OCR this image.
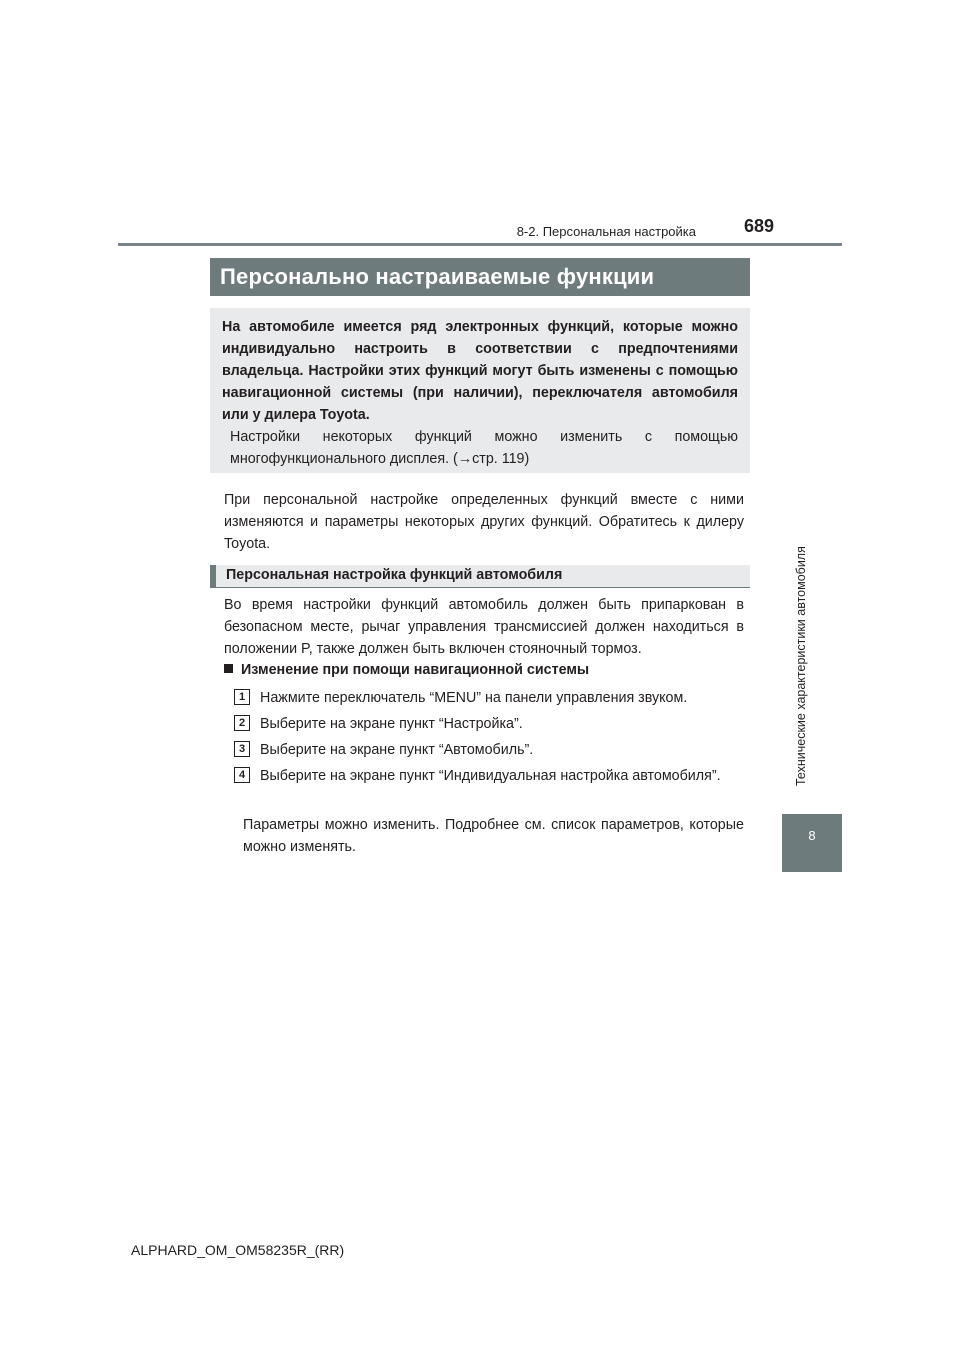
8-2. Персональная настройка	689
Технические характеристики автомобиля
8
Персонально настраиваемые функции
На автомобиле имеется ряд электронных функций, которые можно индивидуально настроить в соответствии с предпочтениями владельца. Настройки этих функций могут быть изменены с помощью навигационной системы (при наличии), переключателя автомобиля или у дилера Toyota.
Настройки некоторых функций можно изменить с помощью многофункционального дисплея. (→стр. 119)
При персональной настройке определенных функций вместе с ними изменяются и параметры некоторых других функций. Обратитесь к дилеру Toyota.
Персональная настройка функций автомобиля
Во время настройки функций автомобиль должен быть припаркован в безопасном месте, рычаг управления трансмиссией должен находиться в положении P, также должен быть включен стояночный тормоз.
Изменение при помощи навигационной системы
1	Нажмите переключатель “MENU” на панели управления звуком.
2	Выберите на экране пункт “Настройка”.
3	Выберите на экране пункт “Автомобиль”.
4	Выберите на экране пункт “Индивидуальная настройка автомобиля”.
Параметры можно изменить. Подробнее см. список параметров, которые можно изменять.
ALPHARD_OM_OM58235R_(RR)
